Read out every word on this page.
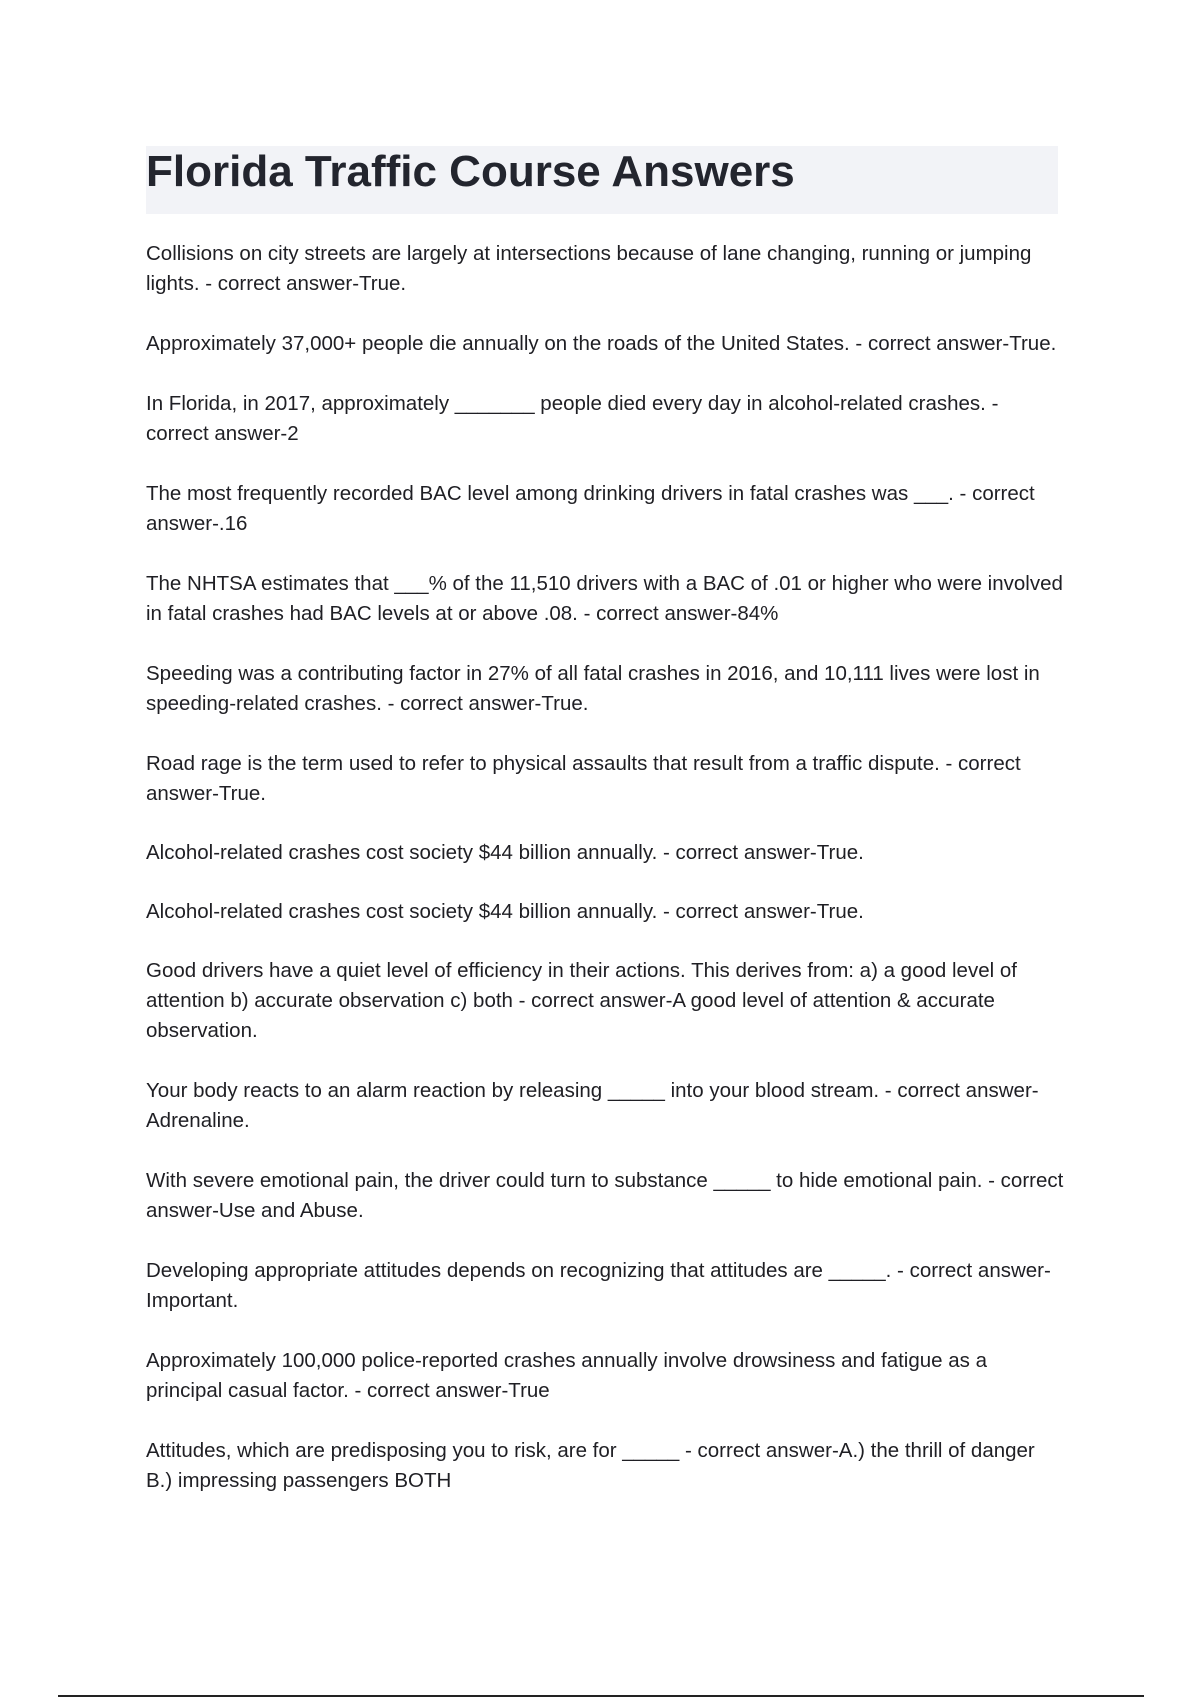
Florida Traffic Course Answers

Collisions on city streets are largely at intersections because of lane changing, running or jumping lights. - correct answer-True.

Approximately 37,000+ people die annually on the roads of the United States. - correct answer-True.

In Florida, in 2017, approximately _______ people died every day in alcohol-related crashes. - correct answer-2

The most frequently recorded BAC level among drinking drivers in fatal crashes was ___. - correct answer-.16

The NHTSA estimates that ___% of the 11,510 drivers with a BAC of .01 or higher who were involved in fatal crashes had BAC levels at or above .08. - correct answer-84%

Speeding was a contributing factor in 27% of all fatal crashes in 2016, and 10,111 lives were lost in speeding-related crashes. - correct answer-True.

Road rage is the term used to refer to physical assaults that result from a traffic dispute. - correct answer-True.

Alcohol-related crashes cost society $44 billion annually. - correct answer-True.

Alcohol-related crashes cost society $44 billion annually. - correct answer-True.

Good drivers have a quiet level of efficiency in their actions. This derives from: a) a good level of attention b) accurate observation c) both - correct answer-A good level of attention & accurate observation.

Your body reacts to an alarm reaction by releasing _____ into your blood stream. - correct answer-Adrenaline.

With severe emotional pain, the driver could turn to substance _____ to hide emotional pain. - correct answer-Use and Abuse.

Developing appropriate attitudes depends on recognizing that attitudes are _____. - correct answer-Important.

Approximately 100,000 police-reported crashes annually involve drowsiness and fatigue as a principal casual factor. - correct answer-True

Attitudes, which are predisposing you to risk, are for _____ - correct answer-A.) the thrill of danger B.) impressing passengers BOTH
